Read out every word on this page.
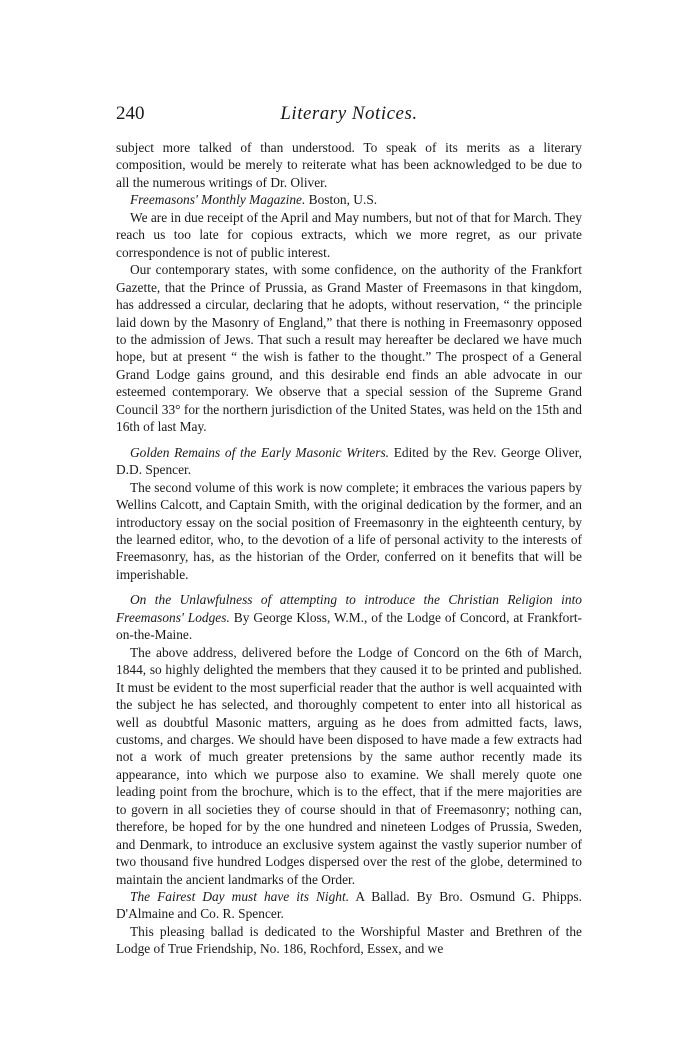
240	Literary Notices.

subject more talked of than understood. To speak of its merits as a literary composition, would be merely to reiterate what has been acknowledged to be due to all the numerous writings of Dr. Oliver.

Freemasons' Monthly Magazine. Boston, U.S.

We are in due receipt of the April and May numbers, but not of that for March. They reach us too late for copious extracts, which we more regret, as our private correspondence is not of public interest.

Our contemporary states, with some confidence, on the authority of the Frankfort Gazette, that the Prince of Prussia, as Grand Master of Freemasons in that kingdom, has addressed a circular, declaring that he adopts, without reservation, “ the principle laid down by the Masonry of England,” that there is nothing in Freemasonry opposed to the admission of Jews. That such a result may hereafter be declared we have much hope, but at present “ the wish is father to the thought.” The prospect of a General Grand Lodge gains ground, and this desirable end finds an able advocate in our esteemed contemporary. We observe that a special session of the Supreme Grand Council 33° for the northern jurisdiction of the United States, was held on the 15th and 16th of last May.

Golden Remains of the Early Masonic Writers. Edited by the Rev. George Oliver, D.D. Spencer.

The second volume of this work is now complete; it embraces the various papers by Wellins Calcott, and Captain Smith, with the original dedication by the former, and an introductory essay on the social position of Freemasonry in the eighteenth century, by the learned editor, who, to the devotion of a life of personal activity to the interests of Freemasonry, has, as the historian of the Order, conferred on it benefits that will be imperishable.

On the Unlawfulness of attempting to introduce the Christian Religion into Freemasons' Lodges. By George Kloss, W.M., of the Lodge of Concord, at Frankfort-on-the-Maine.

The above address, delivered before the Lodge of Concord on the 6th of March, 1844, so highly delighted the members that they caused it to be printed and published. It must be evident to the most superficial reader that the author is well acquainted with the subject he has selected, and thoroughly competent to enter into all historical as well as doubtful Masonic matters, arguing as he does from admitted facts, laws, customs, and charges. We should have been disposed to have made a few extracts had not a work of much greater pretensions by the same author recently made its appearance, into which we purpose also to examine. We shall merely quote one leading point from the brochure, which is to the effect, that if the mere majorities are to govern in all societies they of course should in that of Freemasonry; nothing can, therefore, be hoped for by the one hundred and nineteen Lodges of Prussia, Sweden, and Denmark, to introduce an exclusive system against the vastly superior number of two thousand five hundred Lodges dispersed over the rest of the globe, determined to maintain the ancient landmarks of the Order.

The Fairest Day must have its Night. A Ballad. By Bro. Osmund G. Phipps. D'Almaine and Co. R. Spencer.

This pleasing ballad is dedicated to the Worshipful Master and Brethren of the Lodge of True Friendship, No. 186, Rochford, Essex, and we
